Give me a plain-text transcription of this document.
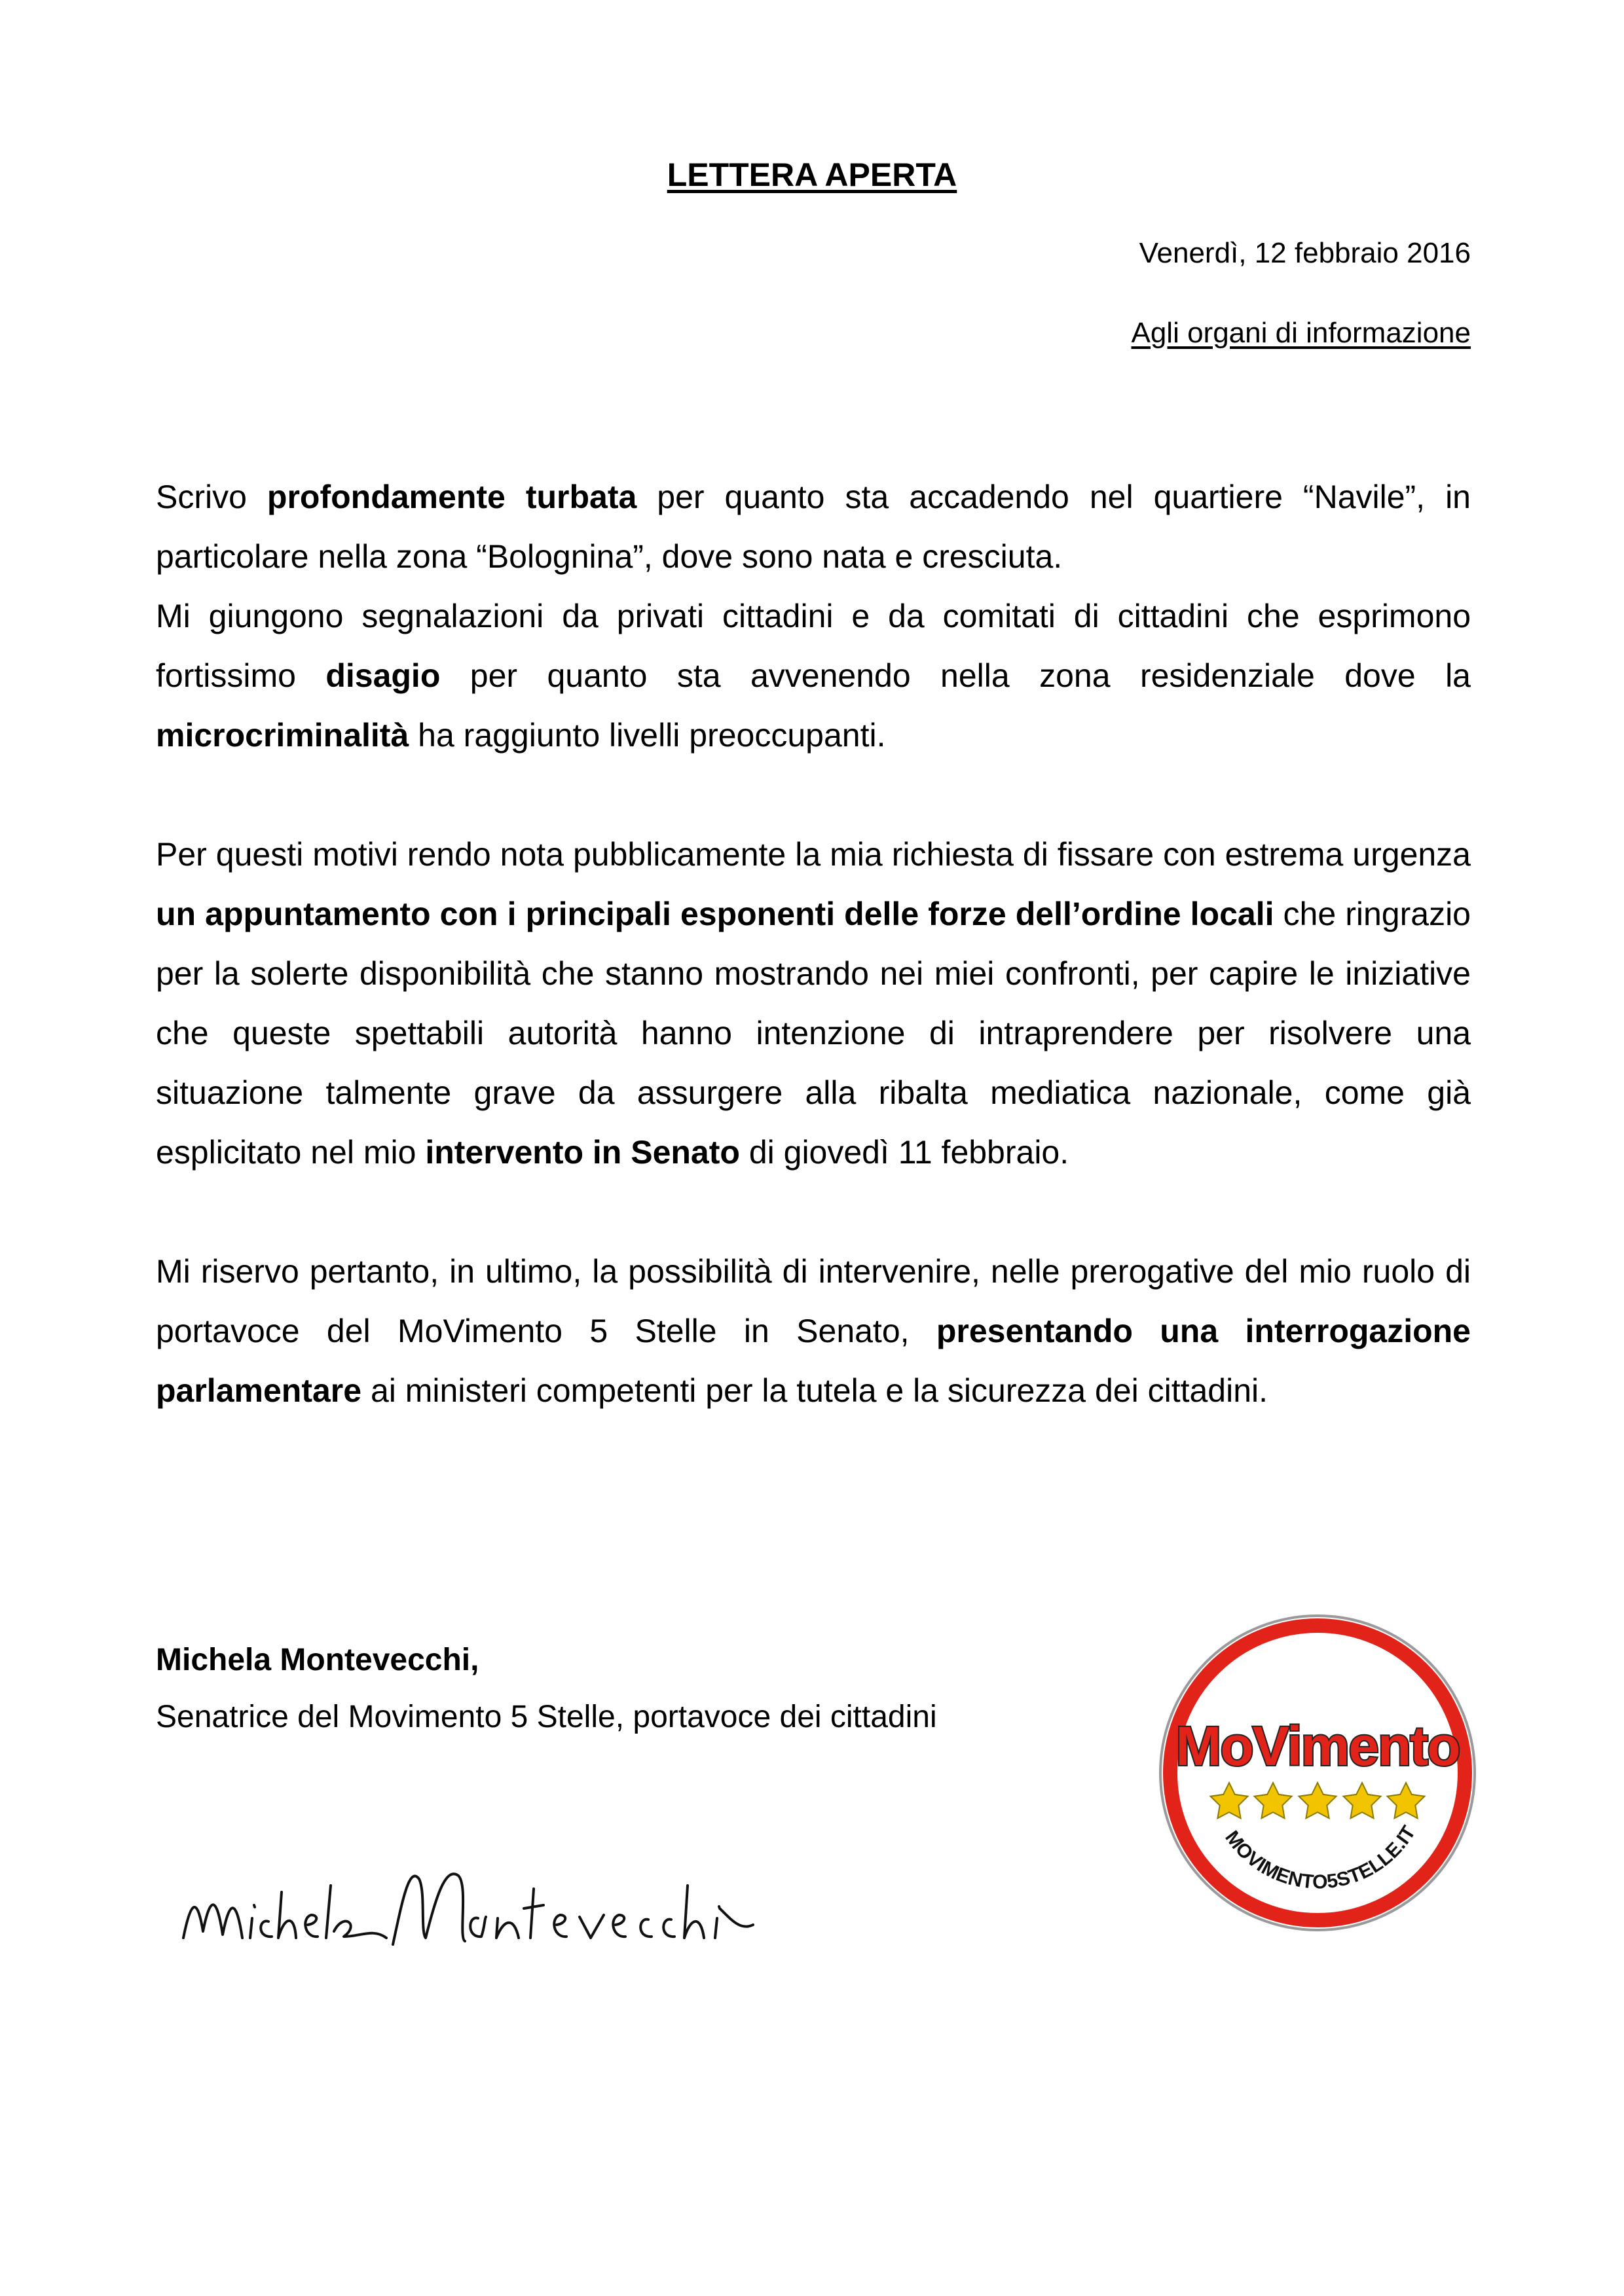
LETTERA APERTA
Venerdì, 12 febbraio 2016
Agli organi di informazione

Scrivo profondamente turbata per quanto sta accadendo nel quartiere “Navile”, in particolare nella zona “Bolognina”, dove sono nata e cresciuta.

Mi giungono segnalazioni da privati cittadini e da comitati di cittadini che esprimono fortissimo disagio per quanto sta avvenendo nella zona residenziale dove la microcriminalità ha raggiunto livelli preoccupanti.

Per questi motivi rendo nota pubblicamente la mia richiesta di fissare con estrema urgenza un appuntamento con i principali esponenti delle forze dell’ordine locali che ringrazio per la solerte disponibilità che stanno mostrando nei miei confronti, per capire le iniziative che queste spettabili autorità hanno intenzione di intraprendere per risolvere una situazione talmente grave da assurgere alla ribalta mediatica nazionale, come già esplicitato nel mio intervento in Senato di giovedì 11 febbraio.

Mi riservo pertanto, in ultimo, la possibilità di intervenire, nelle prerogative del mio ruolo di portavoce del MoVimento 5 Stelle in Senato, presentando una interrogazione parlamentare ai ministeri competenti per la tutela e la sicurezza dei cittadini.

Michela Montevecchi,
Senatrice del Movimento 5 Stelle, portavoce dei cittadini	MoVimento
MOVIMENTO5STELLE.IT
